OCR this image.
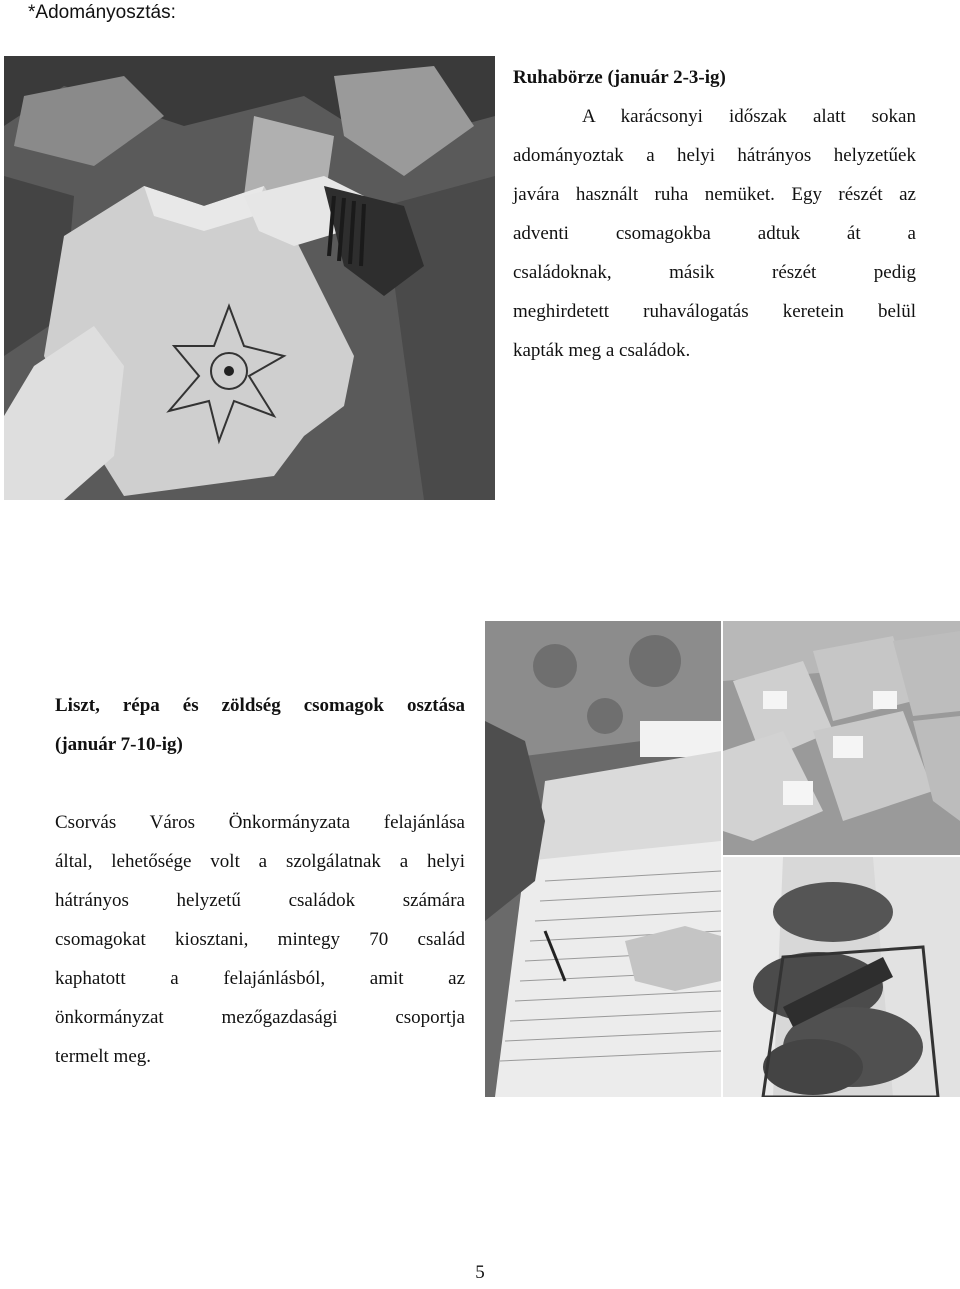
*Adományosztás:
Ruhabörze (január 2-3-ig)
A karácsonyi időszak alatt sokan
adományoztak a helyi hátrányos helyzetűek
javára használt ruha nemüket. Egy részét az
adventi csomagokba adtuk át a
családoknak, másik részét pedig
meghirdetett ruhaválogatás keretein belül
kapták meg a családok.
Liszt, répa és zöldség csomagok osztása
(január 7-10-ig)
Csorvás Város Önkormányzata felajánlása
által, lehetősége volt a szolgálatnak a helyi
hátrányos helyzetű családok számára
csomagokat kiosztani, mintegy 70 család
kaphatott a felajánlásból, amit az
önkormányzat mezőgazdasági csoportja
termelt meg.
5
